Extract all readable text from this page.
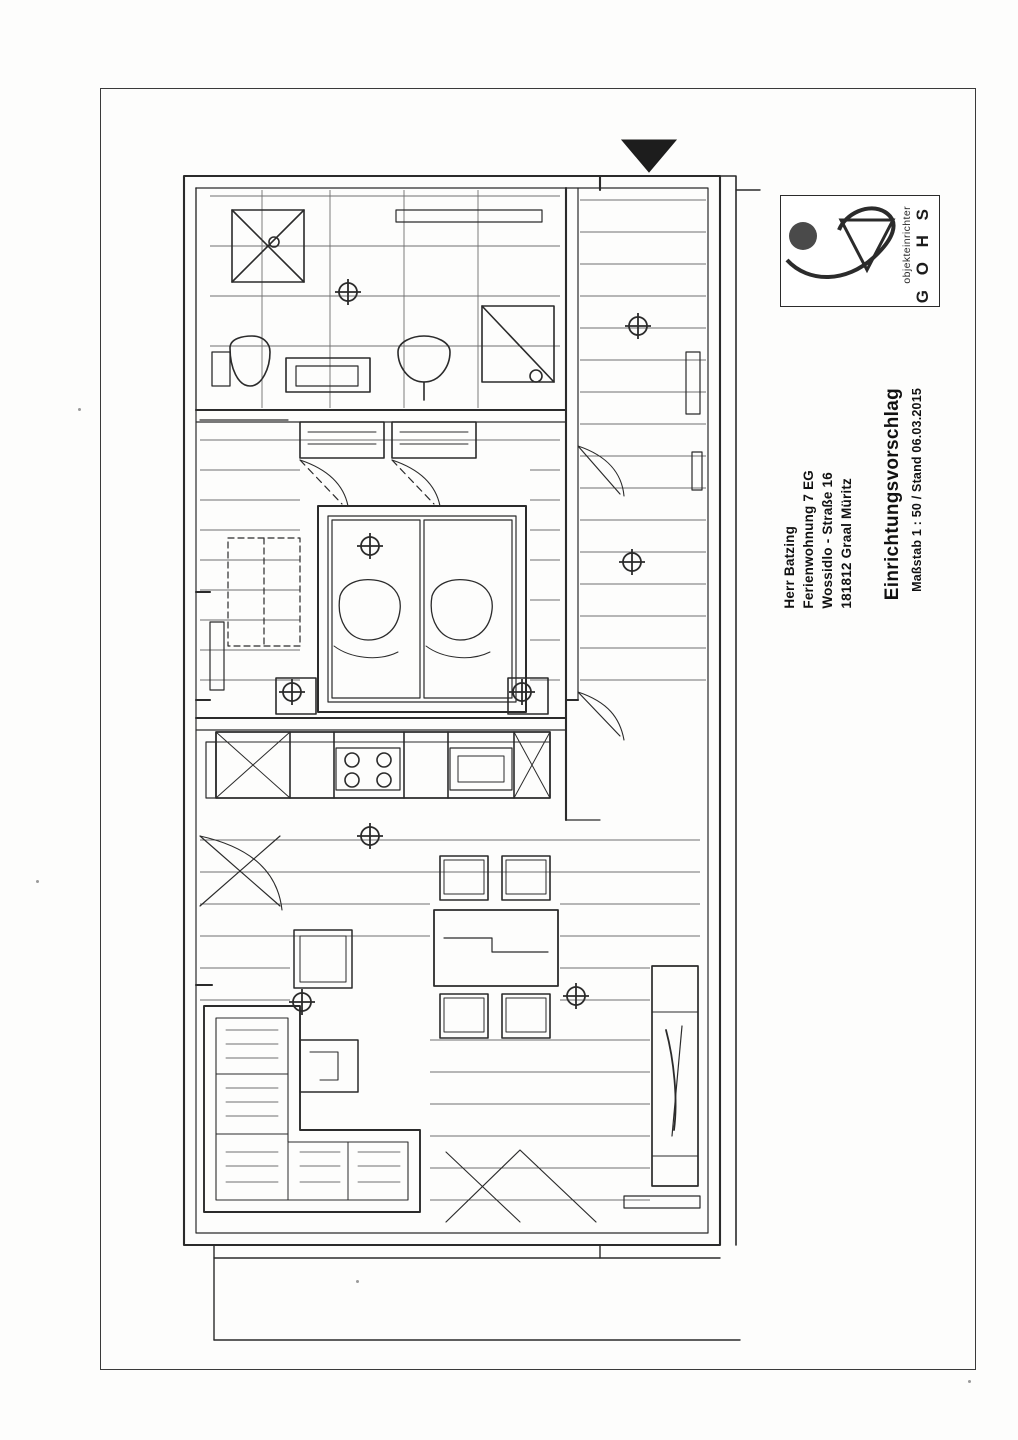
G O H S
objekteinrichter
Einrichtungsvorschlag Maßstab 1 : 50 / Stand 06.03.2015
Herr Batzing Ferienwohnung 7 EG Wossidlo - Straße 16 181812 Graal Müritz
